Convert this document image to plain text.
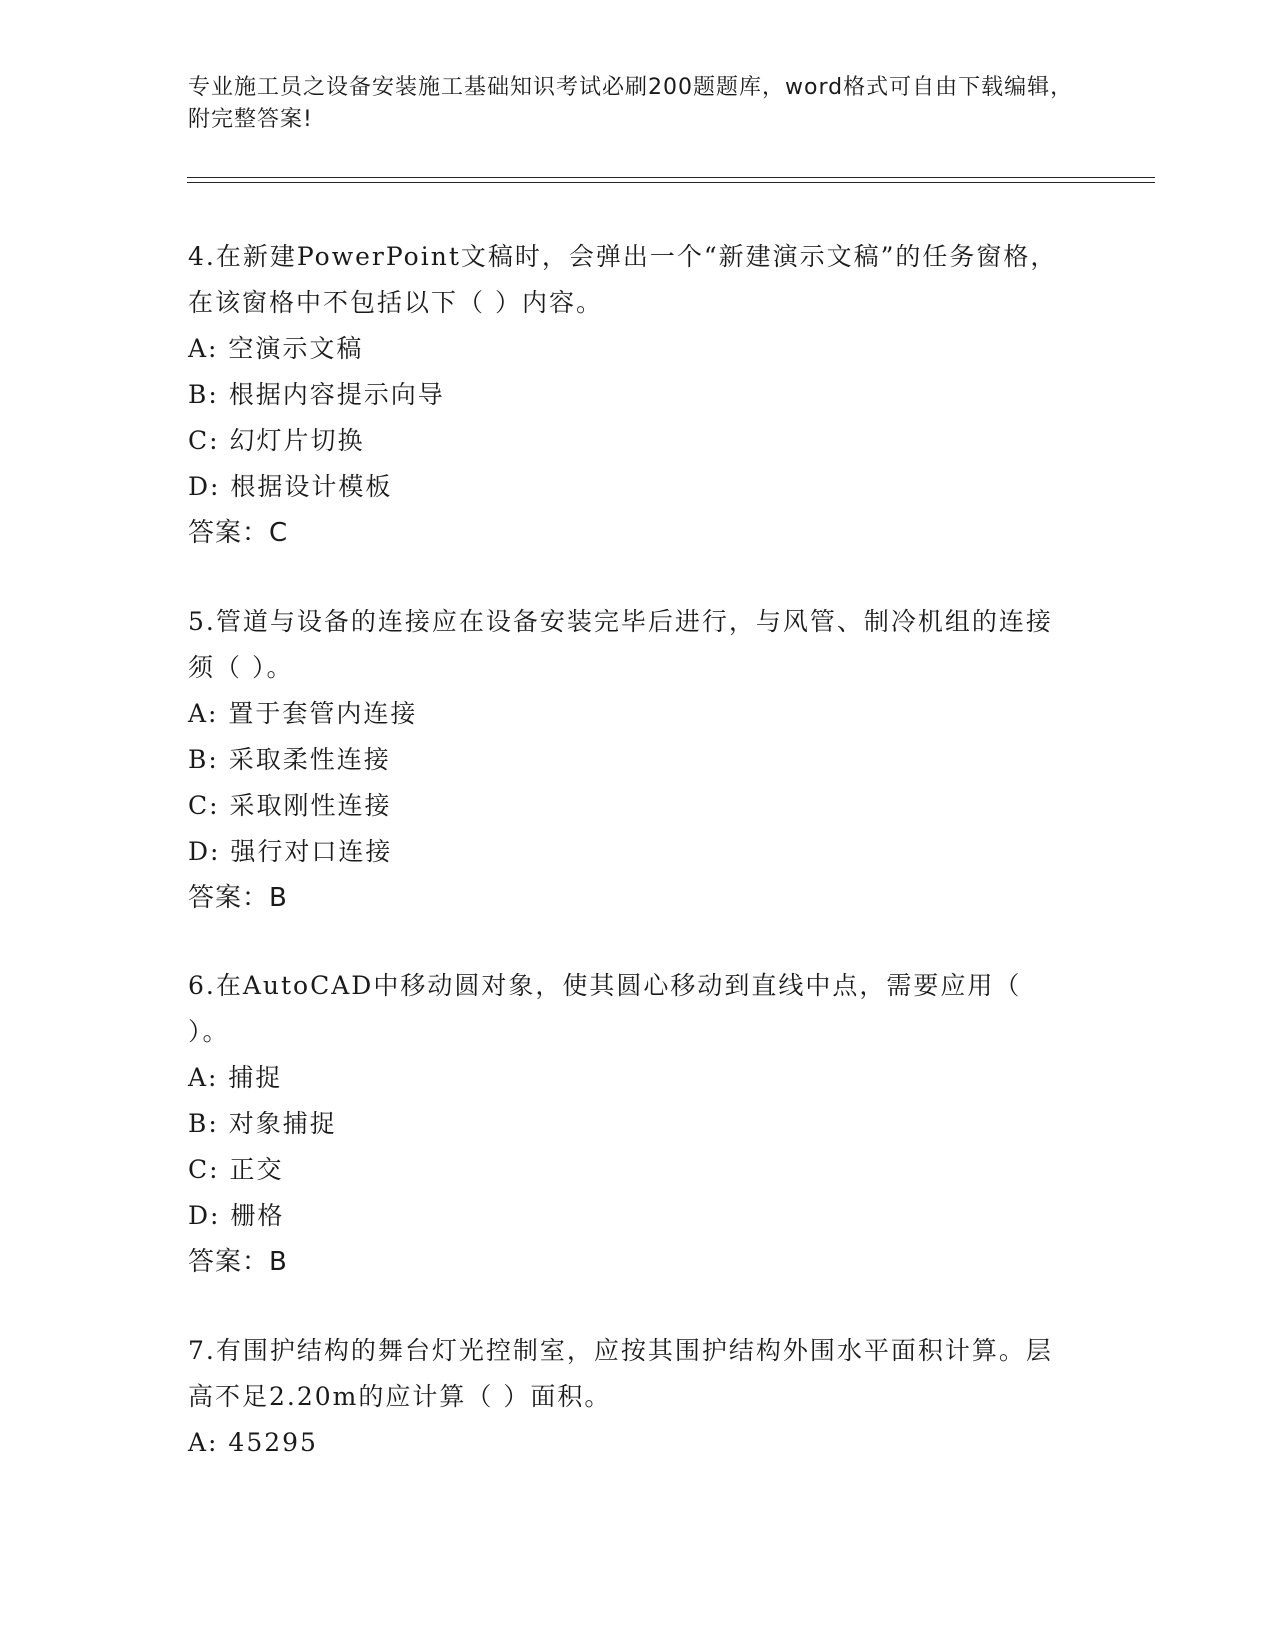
专业施工员之设备安装施工基础知识考试必刷200题题库，word格式可自由下载编辑，附完整答案!

4.在新建PowerPoint文稿时，会弹出一个“新建演示文稿”的任务窗格，在该窗格中不包括以下（ ）内容。

A: 空演示文稿
B: 根据内容提示向导
C: 幻灯片切换
D: 根据设计模板
答案：C

5.管道与设备的连接应在设备安装完毕后进行，与风管、制冷机组的连接须（ ）。

A: 置于套管内连接
B: 采取柔性连接
C: 采取刚性连接
D: 强行对口连接
答案：B

6.在AutoCAD中移动圆对象，使其圆心移动到直线中点，需要应用（ ）。

A: 捕捉
B: 对象捕捉
C: 正交
D: 栅格
答案：B

7.有围护结构的舞台灯光控制室，应按其围护结构外围水平面积计算。层高不足2.20m的应计算（ ）面积。

A: 45295
